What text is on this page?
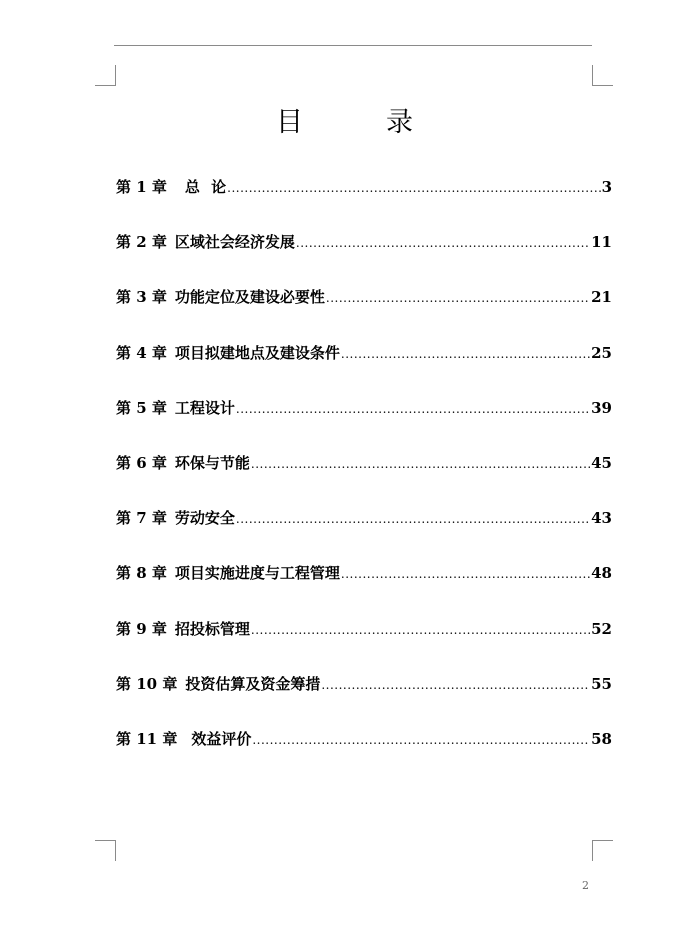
目　录
第 1 章 总 论 .....	3
第 2 章 区域社会经济发展 .....	11
第 3 章 功能定位及建设必要性 .....	21
第 4 章 项目拟建地点及建设条件 .....	25
第 5 章 工程设计 .....	39
第 6 章 环保与节能 .....	45
第 7 章 劳动安全 .....	43
第 8 章 项目实施进度与工程管理 .....	48
第 9 章 招投标管理 .....	52
第 10 章 投资估算及资金筹措 .....	55
第 11 章 效益评价 .....	58
2
